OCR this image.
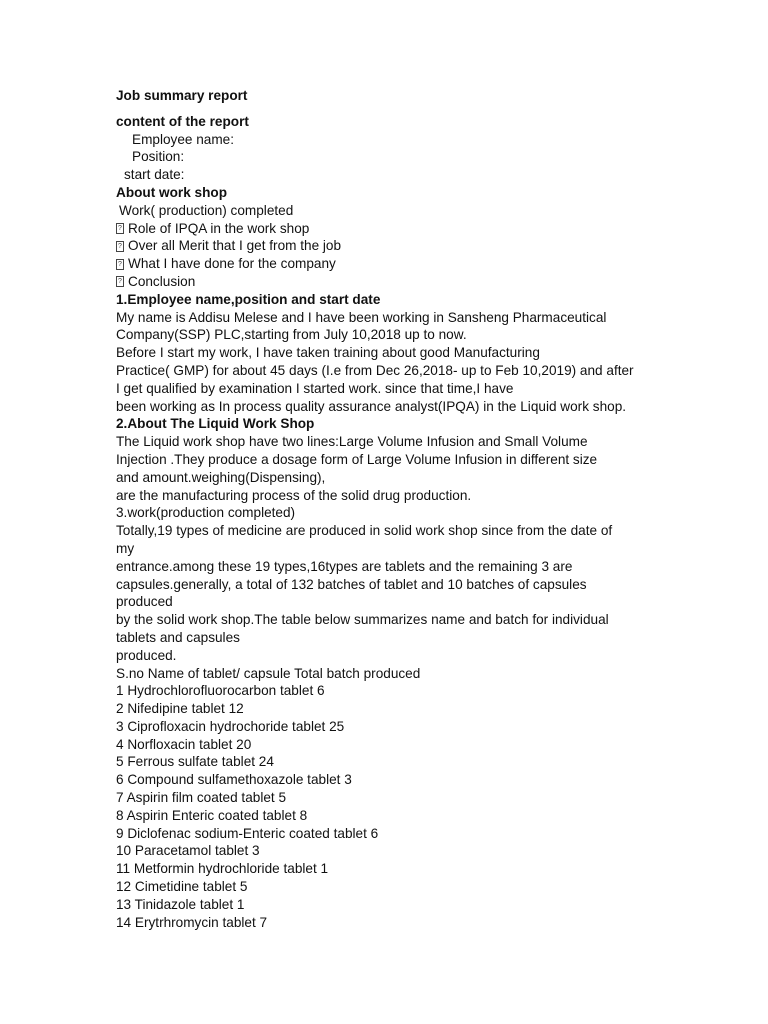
Job summary report
content of the report
Employee name:
Position:
start date:
About work shop
Work( production) completed
? Role of IPQA in the work shop
? Over all Merit that I get from the job
? What I have done for the company
? Conclusion
1.Employee name,position and start date
My name is Addisu Melese and I have been working in Sansheng Pharmaceutical
Company(SSP) PLC,starting from July 10,2018 up to now.
Before I start my work, I have taken training about good Manufacturing
Practice( GMP) for about 45 days (I.e from Dec 26,2018- up to Feb 10,2019) and after
I get qualified by examination I started work. since that time,I have
been working as In process quality assurance analyst(IPQA) in the Liquid work shop.
2.About The Liquid Work Shop
The Liquid work shop have two lines:Large Volume Infusion and Small Volume
Injection .They produce a dosage form of Large Volume Infusion in different size
and amount.weighing(Dispensing),
are the manufacturing process of the solid drug production.
3.work(production completed)
Totally,19 types of medicine are produced in solid work shop since from the date of
my
entrance.among these 19 types,16types are tablets and the remaining 3 are
capsules.generally, a total of 132 batches of tablet and 10 batches of capsules
produced
by the solid work shop.The table below summarizes name and batch for individual
tablets and capsules
produced.
S.no Name of tablet/ capsule Total batch produced
1 Hydrochlorofluorocarbon tablet 6
2 Nifedipine tablet 12
3 Ciprofloxacin hydrochoride tablet 25
4 Norfloxacin tablet 20
5 Ferrous sulfate tablet 24
6 Compound sulfamethoxazole tablet 3
7 Aspirin film coated tablet 5
8 Aspirin Enteric coated tablet 8
9 Diclofenac sodium-Enteric coated tablet 6
10 Paracetamol tablet 3
11 Metformin hydrochloride tablet 1
12 Cimetidine tablet 5
13 Tinidazole tablet 1
14 Erytrhromycin tablet 7
